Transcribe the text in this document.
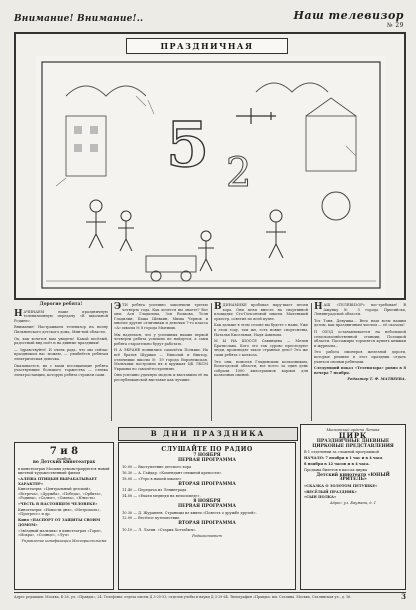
Внимание! Внимание!..	Наш телевизор
№ 29
ПРАЗДНИЧНАЯ
5 2
Дорогие ребята!

НАЧИНАЕМ наше праздничную телевизионную передачу «В школьной Родине».

Внимание! Настраиваем телевизор на волну Пильненского детского дома, Мин-ной области.

Ох, как хочется вам увидеть! Какой весёлый, радостный вид поёт и на дивные праздники!

— Здравствуйте! И очень рада, что мы сейчас праздником вас можем, — улыбнётся ребятам электрическая девочка.

Оказывается, их с вами посещающие ребята участвующие большого торжества — стенка электростанции, которую ребята строили сами.

ЭТИ ребята успешно закончили третью четверть года. Как хочется вы знаете? Вот они: Ася Гладилова, Зоя Волкова, Толя Гладилин, Паша Шевкин, Миша Чернов и многие другие отличники и девочки 7-го класса «А» школы № 8 города Мытищи.

Мы надеемся, что у успешных наших первой четверти ребята успешно не найдутся, а сами ребята старательно будут работать.

Н А ЭКРАНЕ появились самолёты Польши. На всё братья Шурики — Николай и Виктор, отличники школы № 19 города Воронежская. Мальчики построили их в кружках ЦК ЛКСМ Украины по самолётостроению.

Они успешно удачную модель и выставили её на республиканской выставке как лучшие.

ВДИНАМИКЕ пробовал нару-шает песни хора. Они пели вместе на спортивной площадке Сто-Гилсоновой школы. Маленький оркестр, осветил по всей кузне.

Как дальше в этом сезоне вы будете с нами, Уже в этом году, там же, есть новые спортсмены, Наталья Кисельная, Надя Аминова.

М Ы НА ШОССЕ Савинцева — Мезин Братислава. Кого это так сурово преследуют люди, производят такое странное дело? Это же сами ребята с колхоза.

Это они, помогая Гладинским колхозникам, Вологодской области, вот всего за один день собрали 1000 килограммов кормов для колхозных свиней.

НАШ «ТЕЛЕВИЗОР» вос-требован! В Ажунку № 3 города Присийска, Ленинградской области.

Тот Тоня, Девушка... Весь наш всем вашим делом, как праздничным числом — её сказала!

П ОЕЗД останавливается на небольшой сельскохозяйственной станции, Полоцкой области. Пассажиры торопятся купить книжки и журналы...

Это работа пионеров железной дороги, которые решили в этот праздник отдать учиться своими ребятами.

Следующий показ «Телевизора» ровно в 8 вечера 7 ноября.

Редактор Т. Ф. МАТВЕЕВА.

В ДНИ ПРАЗДНИКА
7 и 8
ноября
во Детских кинотеатрах

в кинотеатрах Москвы демонстрируются новый цветной художественный фильм

«АЛЕША ПТИЦЫН ВЫРАБАТЫВАЕТ ХАРАКТЕР»

Кинотеатры: «Центральный детский», «Встреча», «Дружба», «Победа», «Орбита», «Родина», «Салют», «Смена», «Юность»

«ЧЕСТЬ В НАСТОЯЩЕМ ЧЕЛОВЕКЕ»

Кинотеатры: «Новости дня», «Метрополь», «Прогресс» и др.

Кино «ПАСПОРТ ОТ ЗАЩИТЫ СВОИМ ДОМОМ»

«Звёздный мальчик» в кинотеатрах «Горн», «Искра», «Солнце», «Луч»

Управление кинофикации Мосгорисполкома

СЛУШАЙТЕ ПО РАДИО
7 НОЯБРЯ
ПЕРВАЯ ПРОГРАММА

10.00 — Выступление детского хора

16.30 — А. Гайдар. «Комендант снежной крепости».

18.00 — «Утро в нашей школе»

ВТОРАЯ ПРОГРАММА

11.40 — Передача из Ленинграда

14.00 — «Ехали медведи на велосипеде».

8 НОЯБРЯ
ПЕРВАЯ ПРОГРАММА

10.30 — Д. Журавлев. Страницы из книги «Повесть о дружбе друзей».

12.00 — Весёлое путешествие.

ВТОРАЯ ПРОГРАММА

10.10 — Л. Лагин. «Старик Хоттабыч».

Радиокомитет

Московский ордена Ленина
ЦИРК
ПРАЗДНИЧНЫЕ ДНЕВНЫЕ ЦИРКОВЫЕ ПРЕДСТАВЛЕНИЯ

В 1 отделении за сложной программой

НАЧАЛО: 7 ноября в 1 час и в 4 часа

8 ноября в 12 часов и в 4 часа.

Продажа билетов в кассах цирка

Детский кинотеатр «ЮНЫЙ ЗРИТЕЛЬ»

«СКАЗКА О ЗОЛОТОМ ПЕТУШКЕ»

«ВЕСЁЛЫЙ ПРАЗДНИК»

«СЫН ПОЛКА»

Адрес: ул. Баумана, д. 1

Адрес редакции: Москва, Б-28, ул. «Правды», 24. Телефоны: отдела писем Д 3-25-53, отделов учебы и науки Д 3-29-64. Типография «Правды» им. Сталина. Москва, Сталинская ул., д. 16.	3
